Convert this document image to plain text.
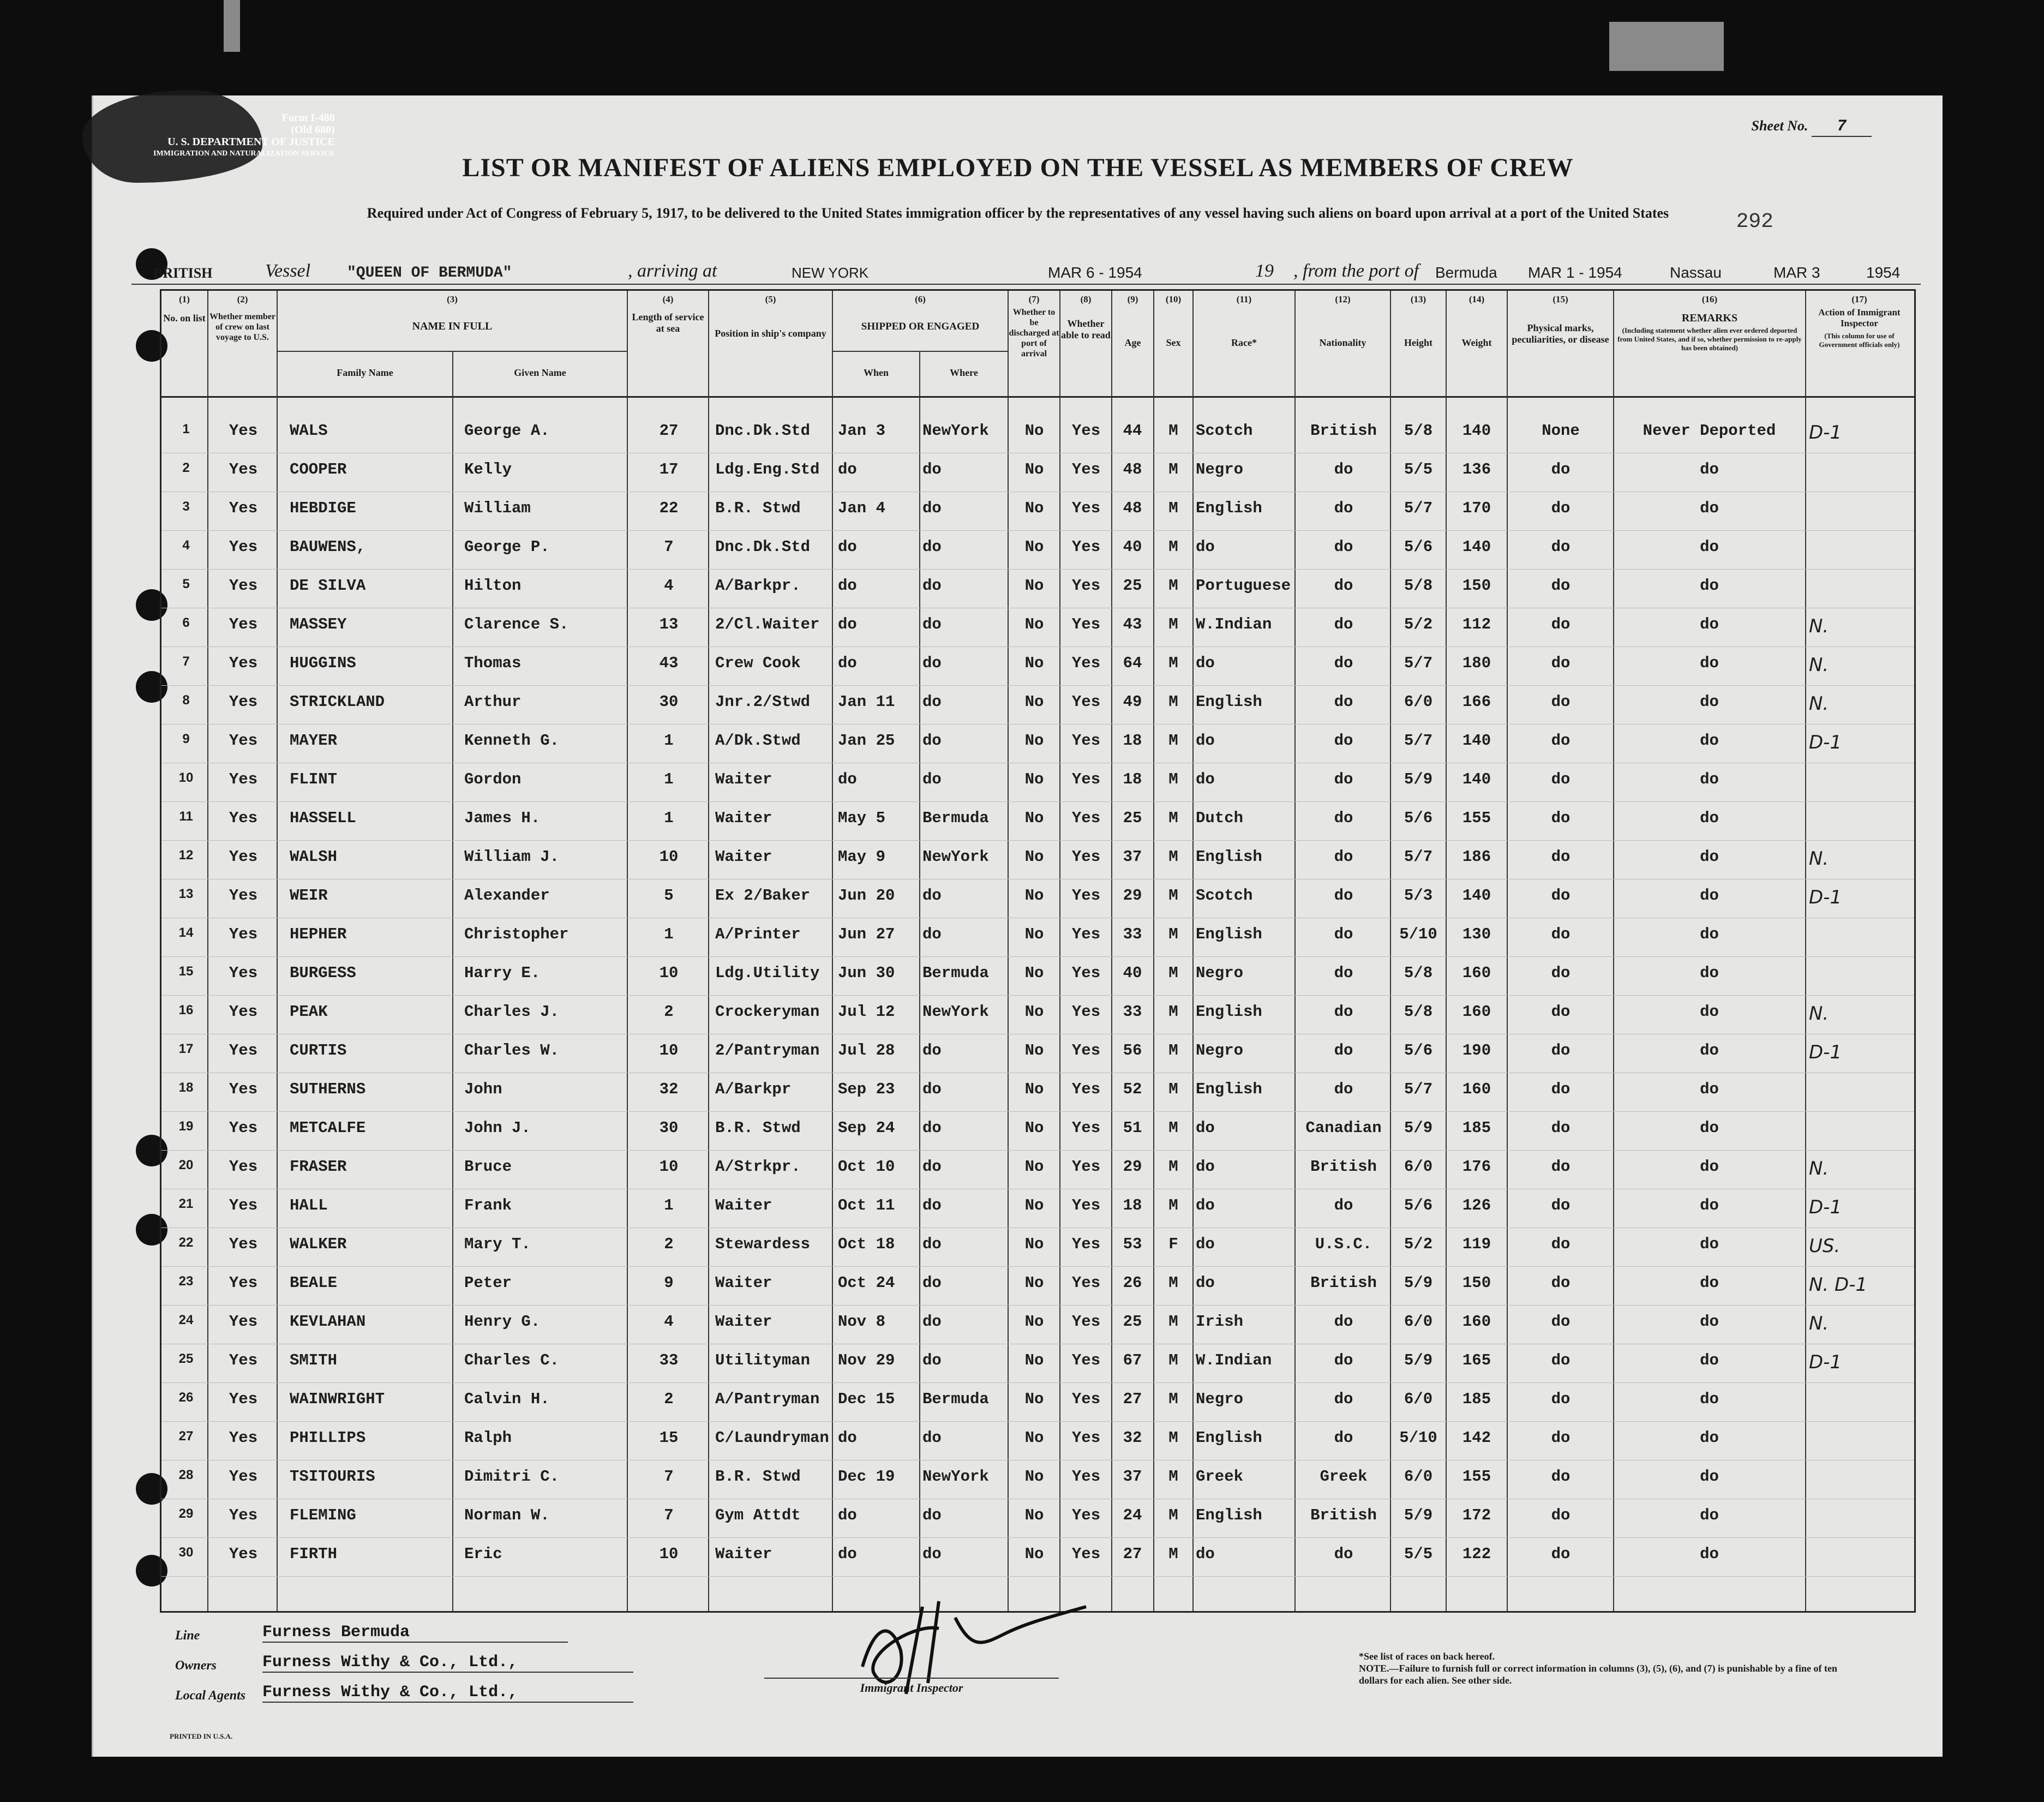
Form I-480
(Old 680)
U. S. DEPARTMENT OF JUSTICE
IMMIGRATION AND NATURALIZATION SERVICE
Sheet No. 7
LIST OR MANIFEST OF ALIENS EMPLOYED ON THE VESSEL AS MEMBERS OF CREW
Required under Act of Congress of February 5, 1917, to be delivered to the United States immigration officer by the representatives of any vessel having such aliens on board upon arrival at a port of the United States	292
BRITISH	Vessel "QUEEN OF BERMUDA"	, arriving at	NEW YORK	MAR 6 - 1954	19 , from the port of Bermuda MAR 1 - 1954	Nassau	MAR 3	1954
(1)
No. on list
(2)
Whether member of crew on last voyage to U.S.
(3)
NAME IN FULL
Family Name	Given Name
(4)
Length of service at sea
(5)
Position in ship's company
(6)
SHIPPED OR ENGAGED
When	Where
(7)
Whether to be discharged at port of arrival
(8)
Whether able to read
(9)
Age
(10)
Sex
(11)
Race*
(12)
Nationality
(13)
Height
(14)
Weight
(15)
Physical marks, peculiarities, or disease
(16)
REMARKS
(Including statement whether alien ever ordered deported from United States, and if so, whether permission to re-apply has been obtained)
(17)
Action of Immigrant Inspector
(This column for use of Government officials only)
1	Yes	WALS	George A.	27	Dnc.Dk.Std	Jan 3	NewYork	No	Yes	44	M	Scotch	British	5/8	140	None	Never Deported	D-1
2	Yes	COOPER	Kelly	17	Ldg.Eng.Std	do	do	No	Yes	48	M	Negro	do	5/5	136	do	do
3	Yes	HEBDIGE	William	22	B.R. Stwd	Jan 4	do	No	Yes	48	M	English	do	5/7	170	do	do
4	Yes	BAUWENS,	George P.	7	Dnc.Dk.Std	do	do	No	Yes	40	M	do	do	5/6	140	do	do
5	Yes	DE SILVA	Hilton	4	A/Barkpr.	do	do	No	Yes	25	M	Portuguese	do	5/8	150	do	do
6	Yes	MASSEY	Clarence S.	13	2/Cl.Waiter	do	do	No	Yes	43	M	W.Indian	do	5/2	112	do	do	N.
7	Yes	HUGGINS	Thomas	43	Crew Cook	do	do	No	Yes	64	M	do	do	5/7	180	do	do	N.
8	Yes	STRICKLAND	Arthur	30	Jnr.2/Stwd	Jan 11	do	No	Yes	49	M	English	do	6/0	166	do	do	N.
9	Yes	MAYER	Kenneth G.	1	A/Dk.Stwd	Jan 25	do	No	Yes	18	M	do	do	5/7	140	do	do	D-1
10	Yes	FLINT	Gordon	1	Waiter	do	do	No	Yes	18	M	do	do	5/9	140	do	do
11	Yes	HASSELL	James H.	1	Waiter	May 5	Bermuda	No	Yes	25	M	Dutch	do	5/6	155	do	do
12	Yes	WALSH	William J.	10	Waiter	May 9	NewYork	No	Yes	37	M	English	do	5/7	186	do	do	N.
13	Yes	WEIR	Alexander	5	Ex 2/Baker	Jun 20	do	No	Yes	29	M	Scotch	do	5/3	140	do	do	D-1
14	Yes	HEPHER	Christopher	1	A/Printer	Jun 27	do	No	Yes	33	M	English	do	5/10	130	do	do
15	Yes	BURGESS	Harry E.	10	Ldg.Utility	Jun 30	Bermuda	No	Yes	40	M	Negro	do	5/8	160	do	do
16	Yes	PEAK	Charles J.	2	Crockeryman	Jul 12	NewYork	No	Yes	33	M	English	do	5/8	160	do	do	N.
17	Yes	CURTIS	Charles W.	10	2/Pantryman	Jul 28	do	No	Yes	56	M	Negro	do	5/6	190	do	do	D-1
18	Yes	SUTHERNS	John	32	A/Barkpr	Sep 23	do	No	Yes	52	M	English	do	5/7	160	do	do
19	Yes	METCALFE	John J.	30	B.R. Stwd	Sep 24	do	No	Yes	51	M	do	Canadian	5/9	185	do	do
20	Yes	FRASER	Bruce	10	A/Strkpr.	Oct 10	do	No	Yes	29	M	do	British	6/0	176	do	do	N.
21	Yes	HALL	Frank	1	Waiter	Oct 11	do	No	Yes	18	M	do	do	5/6	126	do	do	D-1
22	Yes	WALKER	Mary T.	2	Stewardess	Oct 18	do	No	Yes	53	F	do	U.S.C.	5/2	119	do	do	US.
23	Yes	BEALE	Peter	9	Waiter	Oct 24	do	No	Yes	26	M	do	British	5/9	150	do	do	N. D-1
24	Yes	KEVLAHAN	Henry G.	4	Waiter	Nov 8	do	No	Yes	25	M	Irish	do	6/0	160	do	do	N.
25	Yes	SMITH	Charles C.	33	Utilityman	Nov 29	do	No	Yes	67	M	W.Indian	do	5/9	165	do	do	D-1
26	Yes	WAINWRIGHT	Calvin H.	2	A/Pantryman	Dec 15	Bermuda	No	Yes	27	M	Negro	do	6/0	185	do	do
27	Yes	PHILLIPS	Ralph	15	C/Laundryman do	do	No	Yes	32	M	English	do	5/10	142	do	do
28	Yes	TSITOURIS	Dimitri C.	7	B.R. Stwd	Dec 19	NewYork	No	Yes	37	M	Greek	Greek	6/0	155	do	do
29	Yes	FLEMING	Norman W.	7	Gym Attdt	do	do	No	Yes	24	M	English	British	5/9	172	do	do
30	Yes	FIRTH	Eric	10	Waiter	do	do	No	Yes	27	M	do	do	5/5	122	do	do
Line	Furness Bermuda
Owners	Furness Withy & Co., Ltd.,
Local Agents Furness Withy & Co., Ltd.,	Immigrant Inspector
*See list of races on back hereof.
NOTE.—Failure to furnish full or correct information in columns (3), (5), (6), and (7) is punishable by a fine of ten dollars for each alien. See other side.
PRINTED IN U.S.A.
